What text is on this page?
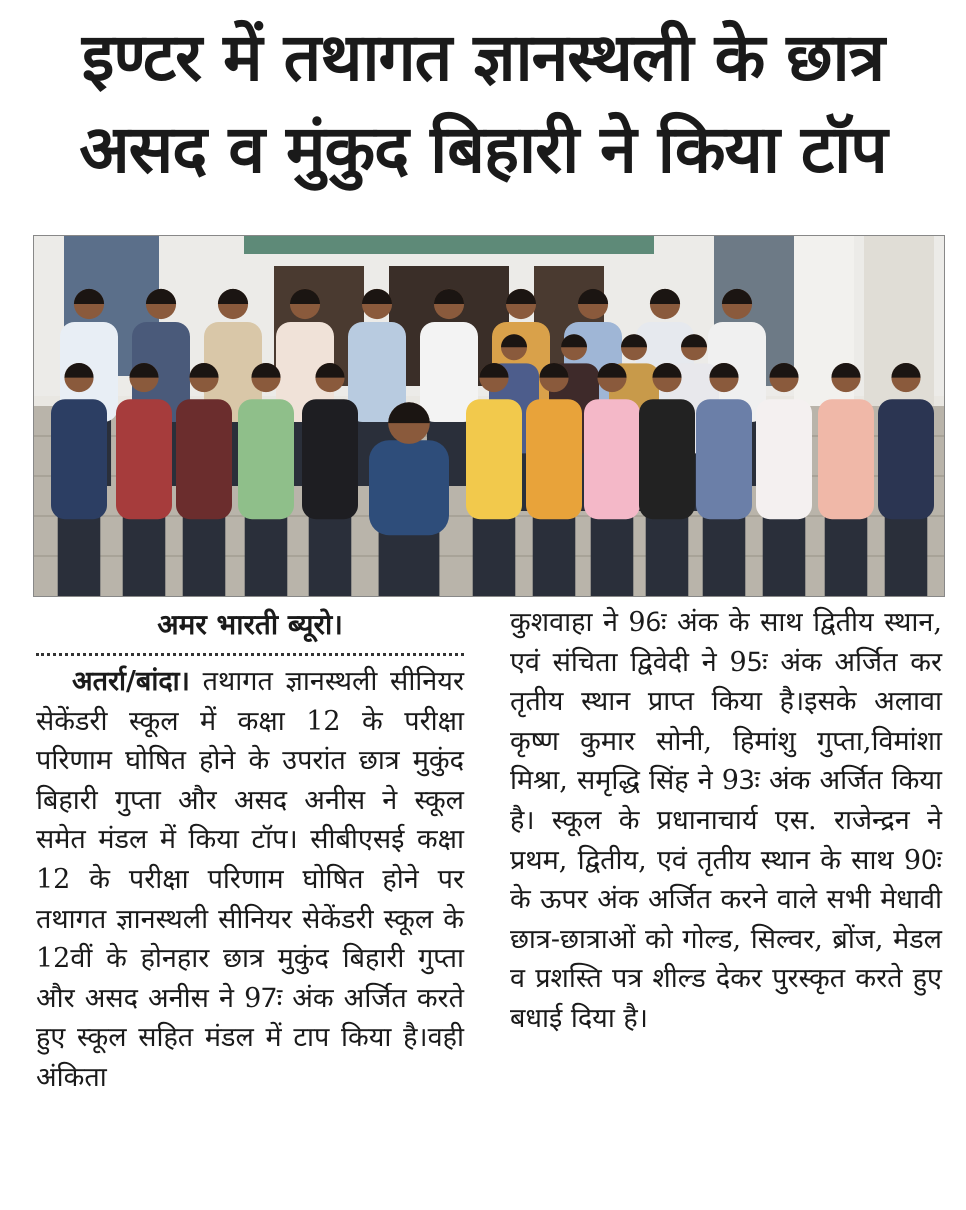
इण्टर में तथागत ज्ञानस्थली के छात्र
असद व मुंकुद बिहारी ने किया टॉप
अमर भारती ब्यूरो।

अतर्रा/बांदा। तथागत ज्ञानस्थली सीनियर सेकेंडरी स्कूल में कक्षा 12 के परीक्षा परिणाम घोषित होने के उपरांत छात्र मुकुंद बिहारी गुप्ता और असद अनीस ने स्कूल समेत मंडल में किया टॉप। सीबीएसई कक्षा 12 के परीक्षा परिणाम घोषित होने पर तथागत ज्ञानस्थली सीनियर सेकेंडरी स्कूल के 12वीं के होनहार छात्र मुकुंद बिहारी गुप्ता और असद अनीस ने 97ः अंक अर्जित करते हुए स्कूल सहित मंडल में टाप किया है।वही अंकिता

कुशवाहा ने 96ः अंक के साथ द्वितीय स्थान, एवं संचिता द्विवेदी ने 95ः अंक अर्जित कर तृतीय स्थान प्राप्त किया है।इसके अलावा कृष्ण कुमार सोनी, हिमांशु गुप्ता,विमांशा मिश्रा, समृद्धि सिंह ने 93ः अंक अर्जित किया है। स्कूल के प्रधानाचार्य एस. राजेन्द्रन ने प्रथम, द्वितीय, एवं तृतीय स्थान के साथ 90ः के ऊपर अंक अर्जित करने वाले सभी मेधावी छात्र-छात्राओं को गोल्ड, सिल्वर, ब्रोंज, मेडल व प्रशस्ति पत्र शील्ड देकर पुरस्कृत करते हुए बधाई दिया है।
